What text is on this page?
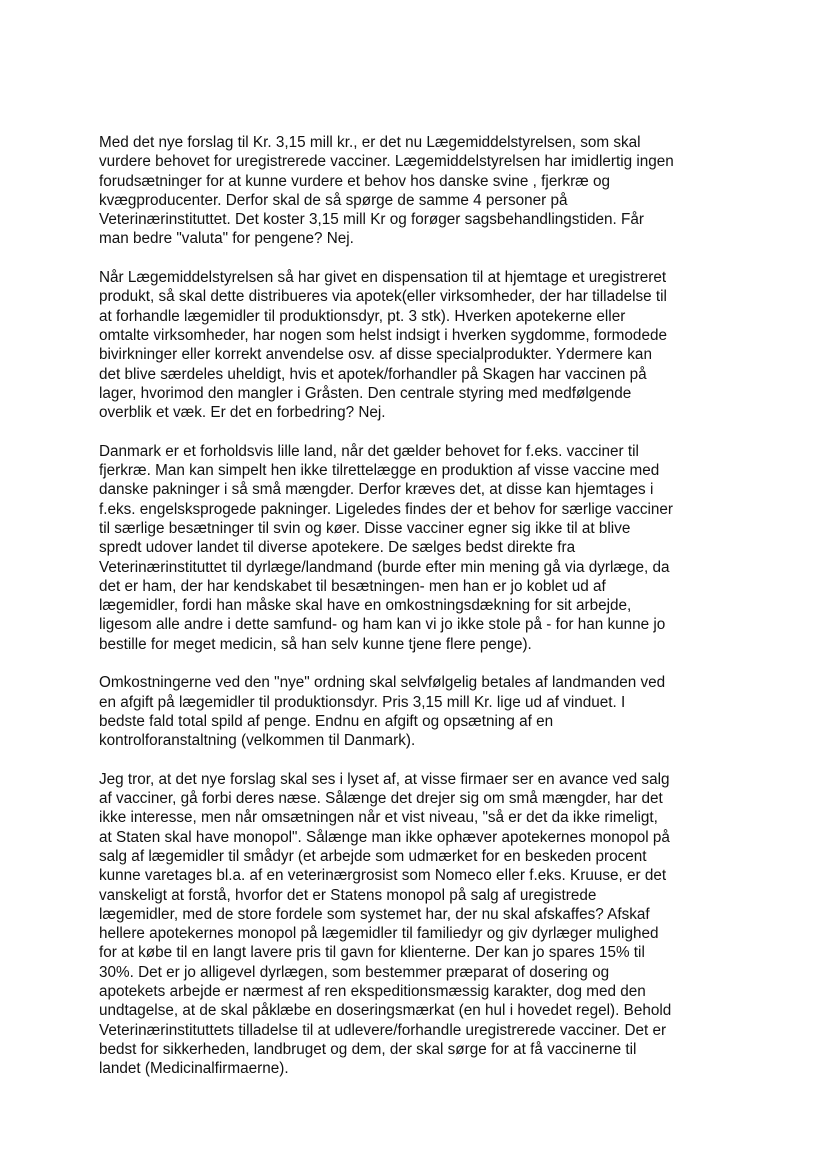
Med det nye forslag til Kr. 3,15 mill kr., er det nu Lægemiddelstyrelsen, som skal
vurdere behovet for uregistrerede vacciner. Lægemiddelstyrelsen har imidlertig ingen
forudsætninger for at kunne vurdere et behov hos danske svine , fjerkræ og
kvægproducenter. Derfor skal de så spørge de samme 4 personer på
Veterinærinstituttet. Det koster 3,15 mill Kr og forøger sagsbehandlingstiden. Får
man bedre "valuta" for pengene? Nej.

Når Lægemiddelstyrelsen så har givet en dispensation til at hjemtage et uregistreret
produkt, så skal dette distribueres via apotek(eller virksomheder, der har tilladelse til
at forhandle lægemidler til produktionsdyr, pt. 3 stk). Hverken apotekerne eller
omtalte virksomheder, har nogen som helst indsigt i hverken sygdomme, formodede
bivirkninger eller korrekt anvendelse osv. af disse specialprodukter. Ydermere kan
det blive særdeles uheldigt, hvis et apotek/forhandler på Skagen har vaccinen på
lager, hvorimod den mangler i Gråsten. Den centrale styring med medfølgende
overblik et væk. Er det en forbedring? Nej.

Danmark er et forholdsvis lille land, når det gælder behovet for f.eks. vacciner til
fjerkræ. Man kan simpelt hen ikke tilrettelægge en produktion af visse vaccine med
danske pakninger i så små mængder. Derfor kræves det, at disse kan hjemtages i
f.eks. engelsksprogede pakninger. Ligeledes findes der et behov for særlige vacciner
til særlige besætninger til svin og køer. Disse vacciner egner sig ikke til at blive
spredt udover landet til diverse apotekere. De sælges bedst direkte fra
Veterinærinstituttet til dyrlæge/landmand (burde efter min mening gå via dyrlæge, da
det er ham, der har kendskabet til besætningen- men han er jo koblet ud af
lægemidler, fordi han måske skal have en omkostningsdækning for sit arbejde,
ligesom alle andre i dette samfund- og ham kan vi jo ikke stole på - for han kunne jo
bestille for meget medicin, så han selv kunne tjene flere penge).

Omkostningerne ved den "nye" ordning skal selvfølgelig betales af landmanden ved
en afgift på lægemidler til produktionsdyr. Pris 3,15 mill Kr. lige ud af vinduet. I
bedste fald total spild af penge. Endnu en afgift og opsætning af en
kontrolforanstaltning (velkommen til Danmark).

Jeg tror, at det nye forslag skal ses i lyset af, at visse firmaer ser en avance ved salg
af vacciner, gå forbi deres næse. Sålænge det drejer sig om små mængder, har det
ikke interesse, men når omsætningen når et vist niveau, "så er det da ikke rimeligt,
at Staten skal have monopol". Sålænge man ikke ophæver apotekernes monopol på
salg af lægemidler til smådyr (et arbejde som udmærket for en beskeden procent
kunne varetages bl.a. af en veterinærgrosist som Nomeco eller f.eks. Kruuse, er det
vanskeligt at forstå, hvorfor det er Statens monopol på salg af uregistrede
lægemidler, med de store fordele som systemet har, der nu skal afskaffes? Afskaf
hellere apotekernes monopol på lægemidler til familiedyr og giv dyrlæger mulighed
for at købe til en langt lavere pris til gavn for klienterne. Der kan jo spares 15% til
30%. Det er jo alligevel dyrlægen, som bestemmer præparat of dosering og
apotekets arbejde er nærmest af ren ekspeditionsmæssig karakter, dog med den
undtagelse, at de skal påklæbe en doseringsmærkat (en hul i hovedet regel). Behold
Veterinærinstituttets tilladelse til at udlevere/forhandle uregistrerede vacciner. Det er
bedst for sikkerheden, landbruget og dem, der skal sørge for at få vaccinerne til
landet (Medicinalfirmaerne).
